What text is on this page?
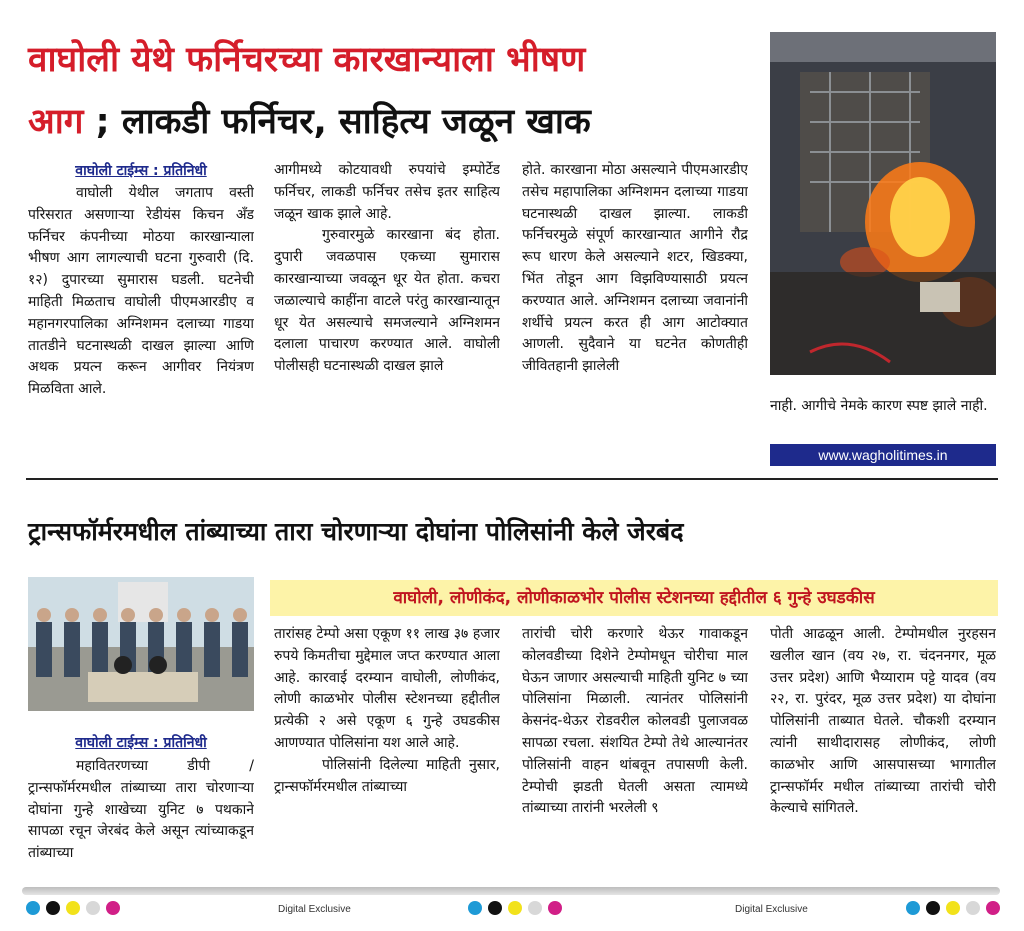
वाघोली येथे फर्निचरच्या कारखान्याला भीषण
आग ; लाकडी फर्निचर, साहित्य जळून खाक
वाघोली टाईम्स : प्रतिनिधी

वाघोली येथील जगताप वस्ती परिसरात असणाऱ्या रेडीयंस किचन अँड फर्निचर कंपनीच्या मोठया कारखान्याला भीषण आग लागल्याची घटना गुरुवारी (दि. १२) दुपारच्या सुमारास घडली. घटनेची माहिती मिळताच वाघोली पीएमआरडीए व महानगरपालिका अग्निशमन दलाच्या गाडया तातडीने घटनास्थळी दाखल झाल्या आणि अथक प्रयत्न करून आगीवर नियंत्रण मिळविता आले.

आगीमध्ये कोटयावधी रुपयांचे इम्पोर्टेड फर्निचर, लाकडी फर्निचर तसेच इतर साहित्य जळून खाक झाले आहे.

गुरुवारमुळे कारखाना बंद होता. दुपारी जवळपास एकच्या सुमारास कारखान्याच्या जवळून धूर येत होता. कचरा जळाल्याचे काहींना वाटले परंतु कारखान्यातून धूर येत असल्याचे समजल्याने अग्निशमन दलाला पाचारण करण्यात आले. वाघोली पोलीसही घटनास्थळी दाखल झाले

होते. कारखाना मोठा असल्याने पीएमआरडीए तसेच महापालिका अग्निशमन दलाच्या गाडया घटनास्थळी दाखल झाल्या. लाकडी फर्निचरमुळे संपूर्ण कारखान्यात आगीने रौद्र रूप धारण केले असल्याने शटर, खिडक्या, भिंत तोडून आग विझविण्यासाठी प्रयत्न करण्यात आले. अग्निशमन दलाच्या जवानांनी शर्थीचे प्रयत्न करत ही आग आटोक्यात आणली. सुदैवाने या घटनेत कोणतीही जीवितहानी झालेली

नाही. आगीचे नेमके कारण स्पष्ट झाले नाही.

www.wagholitimes.in
ट्रान्सफॉर्मरमधील तांब्याच्या तारा चोरणाऱ्या दोघांना पोलिसांनी केले जेरबंद
वाघोली, लोणीकंद, लोणीकाळभोर पोलीस स्टेशनच्या हद्दीतील ६ गुन्हे उघडकीस
वाघोली टाईम्स : प्रतिनिधी

महावितरणच्या डीपी / ट्रान्सफॉर्मरमधील तांब्याच्या तारा चोरणाऱ्या दोघांना गुन्हे शाखेच्या युनिट ७ पथकाने सापळा रचून जेरबंद केले असून त्यांच्याकडून तांब्याच्या

तारांसह टेम्पो असा एकूण ११ लाख ३७ हजार रुपये किमतीचा मुद्देमाल जप्त करण्यात आला आहे. कारवाई दरम्यान वाघोली, लोणीकंद, लोणी काळभोर पोलीस स्टेशनच्या हद्दीतील प्रत्येकी २ असे एकूण ६ गुन्हे उघडकीस आणण्यात पोलिसांना यश आले आहे.

पोलिसांनी दिलेल्या माहिती नुसार, ट्रान्सफॉर्मरमधील तांब्याच्या

तारांची चोरी करणारे थेऊर गावाकडून कोलवडीच्या दिशेने टेम्पोमधून चोरीचा माल घेऊन जाणार असल्याची माहिती युनिट ७ च्या पोलिसांना मिळाली. त्यानंतर पोलिसांनी केसनंद-थेऊर रोडवरील कोलवडी पुलाजवळ सापळा रचला. संशयित टेम्पो तेथे आल्यानंतर पोलिसांनी वाहन थांबवून तपासणी केली. टेम्पोची झडती घेतली असता त्यामध्ये तांब्याच्या तारांनी भरलेली ९

पोती आढळून आली. टेम्पोमधील नुरहसन खलील खान (वय २७, रा. चंदननगर, मूळ उत्तर प्रदेश) आणि भैय्याराम पट्टे यादव (वय २२, रा. पुरंदर, मूळ उत्तर प्रदेश) या दोघांना पोलिसांनी ताब्यात घेतले. चौकशी दरम्यान त्यांनी साथीदारासह लोणीकंद, लोणी काळभोर आणि आसपासच्या भागातील ट्रान्सफॉर्मर मधील तांब्याच्या तारांची चोरी केल्याचे सांगितले.

Digital Exclusive	Digital Exclusive
